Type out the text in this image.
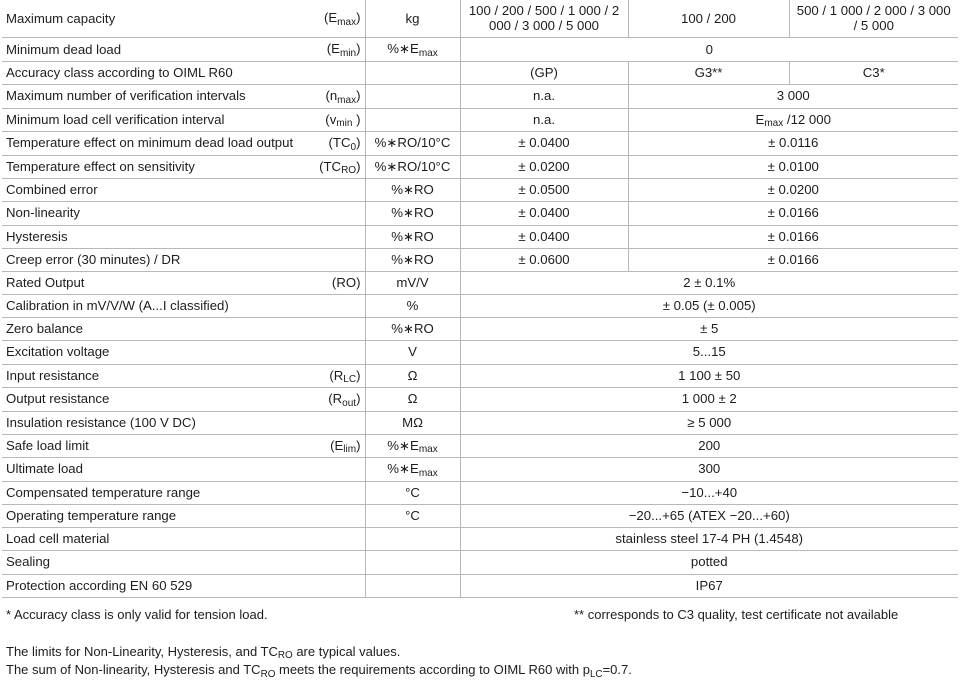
Maximum capacity	$(E_{max})$	kg	100 / 200 / 500 / 1 000 / 2 000 / 3 000 / 5 000	100 / 200	500 / 1 000 / 2 000 / 3 000 / 5 000
Minimum dead load	$(E_{min})$	$\%∗E_{max}$	0		
Accuracy class according to OIML R60			(GP)	G3**	C3*
Maximum number of verification intervals	$(n_{max})$		n.a.	3 000	
Minimum load cell verification interval	($v_{min}$ )		n.a.	$E_{max}$ /12 000	
Temperature effect on minimum dead load output	$(TC_0)$	%∗RO/10°C	± 0.0400	± 0.0116	
Temperature effect on sensitivity	$(TC_{RO})$	%∗RO/10°C	± 0.0200	± 0.0100	
Combined error		%∗RO	± 0.0500	± 0.0200	
Non-linearity		%∗RO	± 0.0400	± 0.0166	
Hysteresis		%∗RO	± 0.0400	± 0.0166	
Creep error (30 minutes) / DR		%∗RO	± 0.0600	± 0.0166	
Rated Output	(RO)	mV/V	2 ± 0.1%		
Calibration in mV/V/W (A...I classified)		%	± 0.05 (± 0.005)		
Zero balance		%∗RO	± 5		
Excitation voltage		V	5...15		
Input resistance	$(R_{LC})$	Ω	1 100 ± 50		
Output resistance	$(R_{out})$	Ω	1 000 ± 2		
Insulation resistance (100 V DC)		MΩ	≥ 5 000		
Safe load limit	$(E_{lim})$	$\%∗E_{max}$	200		
Ultimate load		$\%∗E_{max}$	300		
Compensated temperature range		°C	−10...+40		
Operating temperature range		°C	−20...+65 (ATEX −20...+60)		
Load cell material			stainless steel 17-4 PH (1.4548)		
Sealing			potted		
Protection according EN 60 529			IP67		
* Accuracy class is only valid for tension load.	** corresponds to C3 quality, test certificate not available
The limits for Non-Linearity, Hysteresis, and $TC_{RO}$ are typical values.
The sum of Non-linearity, Hysteresis and $TC_{RO}$ meets the requirements according to OIML R60 with $p_{LC}=0.7$.
